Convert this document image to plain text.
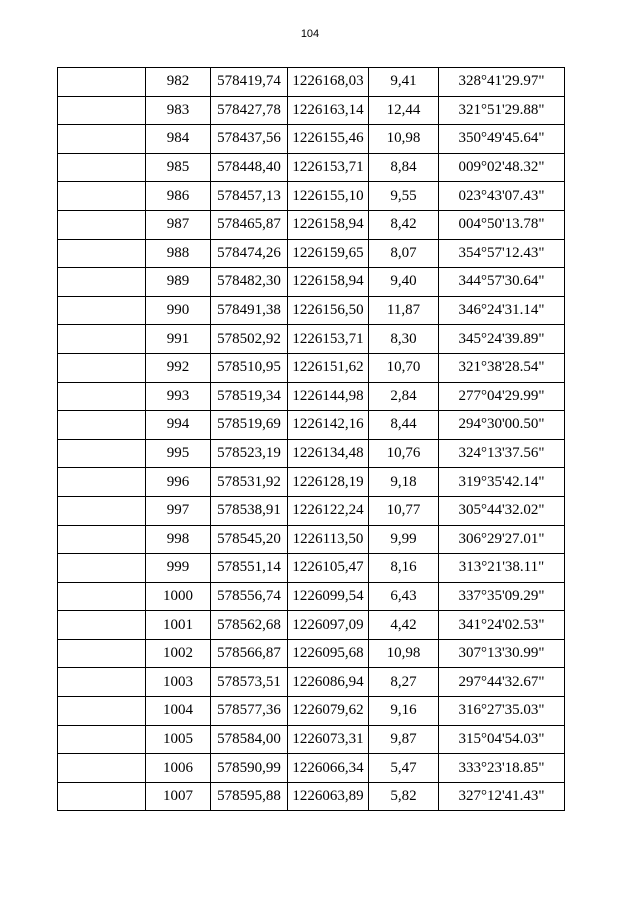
104
	982	578419,74	1226168,03	9,41	328°41'29.97"
	983	578427,78	1226163,14	12,44	321°51'29.88"
	984	578437,56	1226155,46	10,98	350°49'45.64"
	985	578448,40	1226153,71	8,84	009°02'48.32"
	986	578457,13	1226155,10	9,55	023°43'07.43"
	987	578465,87	1226158,94	8,42	004°50'13.78"
	988	578474,26	1226159,65	8,07	354°57'12.43"
	989	578482,30	1226158,94	9,40	344°57'30.64"
	990	578491,38	1226156,50	11,87	346°24'31.14"
	991	578502,92	1226153,71	8,30	345°24'39.89"
	992	578510,95	1226151,62	10,70	321°38'28.54"
	993	578519,34	1226144,98	2,84	277°04'29.99"
	994	578519,69	1226142,16	8,44	294°30'00.50"
	995	578523,19	1226134,48	10,76	324°13'37.56"
	996	578531,92	1226128,19	9,18	319°35'42.14"
	997	578538,91	1226122,24	10,77	305°44'32.02"
	998	578545,20	1226113,50	9,99	306°29'27.01"
	999	578551,14	1226105,47	8,16	313°21'38.11"
	1000	578556,74	1226099,54	6,43	337°35'09.29"
	1001	578562,68	1226097,09	4,42	341°24'02.53"
	1002	578566,87	1226095,68	10,98	307°13'30.99"
	1003	578573,51	1226086,94	8,27	297°44'32.67"
	1004	578577,36	1226079,62	9,16	316°27'35.03"
	1005	578584,00	1226073,31	9,87	315°04'54.03"
	1006	578590,99	1226066,34	5,47	333°23'18.85"
	1007	578595,88	1226063,89	5,82	327°12'41.43"
